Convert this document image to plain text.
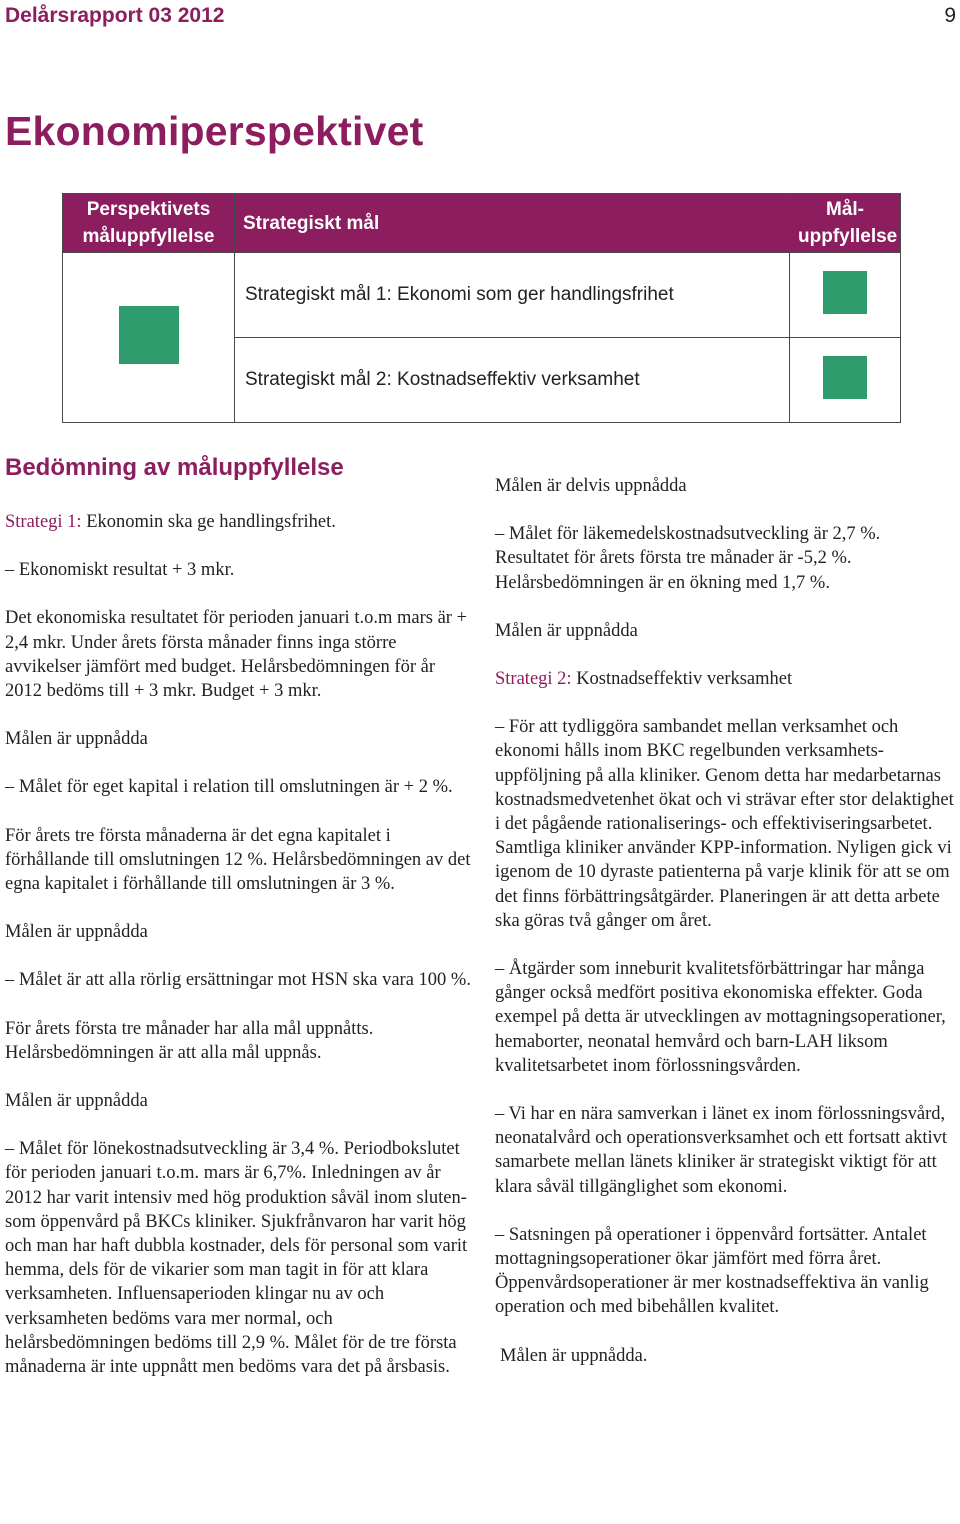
Delårsrapport 03 2012	9
Ekonomiperspektivet
Perspektivets måluppfyllelse	Strategiskt mål	Mål-uppfyllelse
	Strategiskt mål 1: Ekonomi som ger handlingsfrihet	
	Strategiskt mål 2: Kostnadseffektiv verksamhet	
Bedömning av måluppfyllelse

Strategi 1: Ekonomin ska ge handlingsfrihet.

– Ekonomiskt resultat + 3 mkr.

Det ekonomiska resultatet för perioden januari t.o.m mars är + 2,4 mkr. Under årets första månader finns inga större avvikelser jämfört med budget. Helårsbedömningen för år 2012 bedöms till + 3 mkr. Budget + 3 mkr.

Målen är uppnådda

– Målet för eget kapital i relation till omslutningen är + 2 %.

För årets tre första månaderna är det egna kapitalet i förhållande till omslutningen 12 %. Helårsbedömningen av det egna kapitalet i förhållande till omslutningen är 3 %.

Målen är uppnådda

– Målet är att alla rörlig ersättningar mot HSN ska vara 100 %.

För årets första tre månader har alla mål uppnåtts. Helårsbedömningen är att alla mål uppnås.

Målen är uppnådda

– Målet för lönekostnadsutveckling är 3,4 %. Periodbokslutet för perioden januari t.o.m. mars är 6,7%. Inledningen av år 2012 har varit intensiv med hög produktion såväl inom sluten- som öppenvård på BKCs kliniker. Sjukfrånvaron har varit hög och man har haft dubbla kostnader, dels för personal som varit hemma, dels för de vikarier som man tagit in för att klara verksamheten. Influensaperioden klingar nu av och verksamheten bedöms vara mer normal, och helårsbedömningen bedöms till 2,9 %. Målet för de tre första månaderna är inte uppnått men bedöms vara det på årsbasis.

Målen är delvis uppnådda

– Målet för läkemedelskostnadsutveckling är 2,7 %. Resultatet för årets första tre månader är -5,2 %. Helårsbedömningen är en ökning med 1,7 %.

Målen är uppnådda

Strategi 2: Kostnadseffektiv verksamhet

– För att tydliggöra sambandet mellan verksamhet och ekonomi hålls inom BKC regelbunden verksamhets-uppföljning på alla kliniker. Genom detta har medarbetarnas kostnadsmedvetenhet ökat och vi strävar efter stor delaktighet i det pågående rationaliserings- och effektiviseringsarbetet. Samtliga kliniker använder KPP-information. Nyligen gick vi igenom de 10 dyraste patienterna på varje klinik för att se om det finns förbättringsåtgärder. Planeringen är att detta arbete ska göras två gånger om året.

– Åtgärder som inneburit kvalitetsförbättringar har många gånger också medfört positiva ekonomiska effekter. Goda exempel på detta är utvecklingen av mottagningsoperationer, hemaborter, neonatal hemvård och barn-LAH liksom kvalitetsarbetet inom förlossningsvården.

– Vi har en nära samverkan i länet ex inom förlossningsvård, neonatalvård och operationsverksamhet och ett fortsatt aktivt samarbete mellan länets kliniker är strategiskt viktigt för att klara såväl tillgänglighet som ekonomi.

– Satsningen på operationer i öppenvård fortsätter. Antalet mottagningsoperationer ökar jämfört med förra året. Öppenvårdsoperationer är mer kostnadseffektiva än vanlig operation och med bibehållen kvalitet.

Målen är uppnådda.
